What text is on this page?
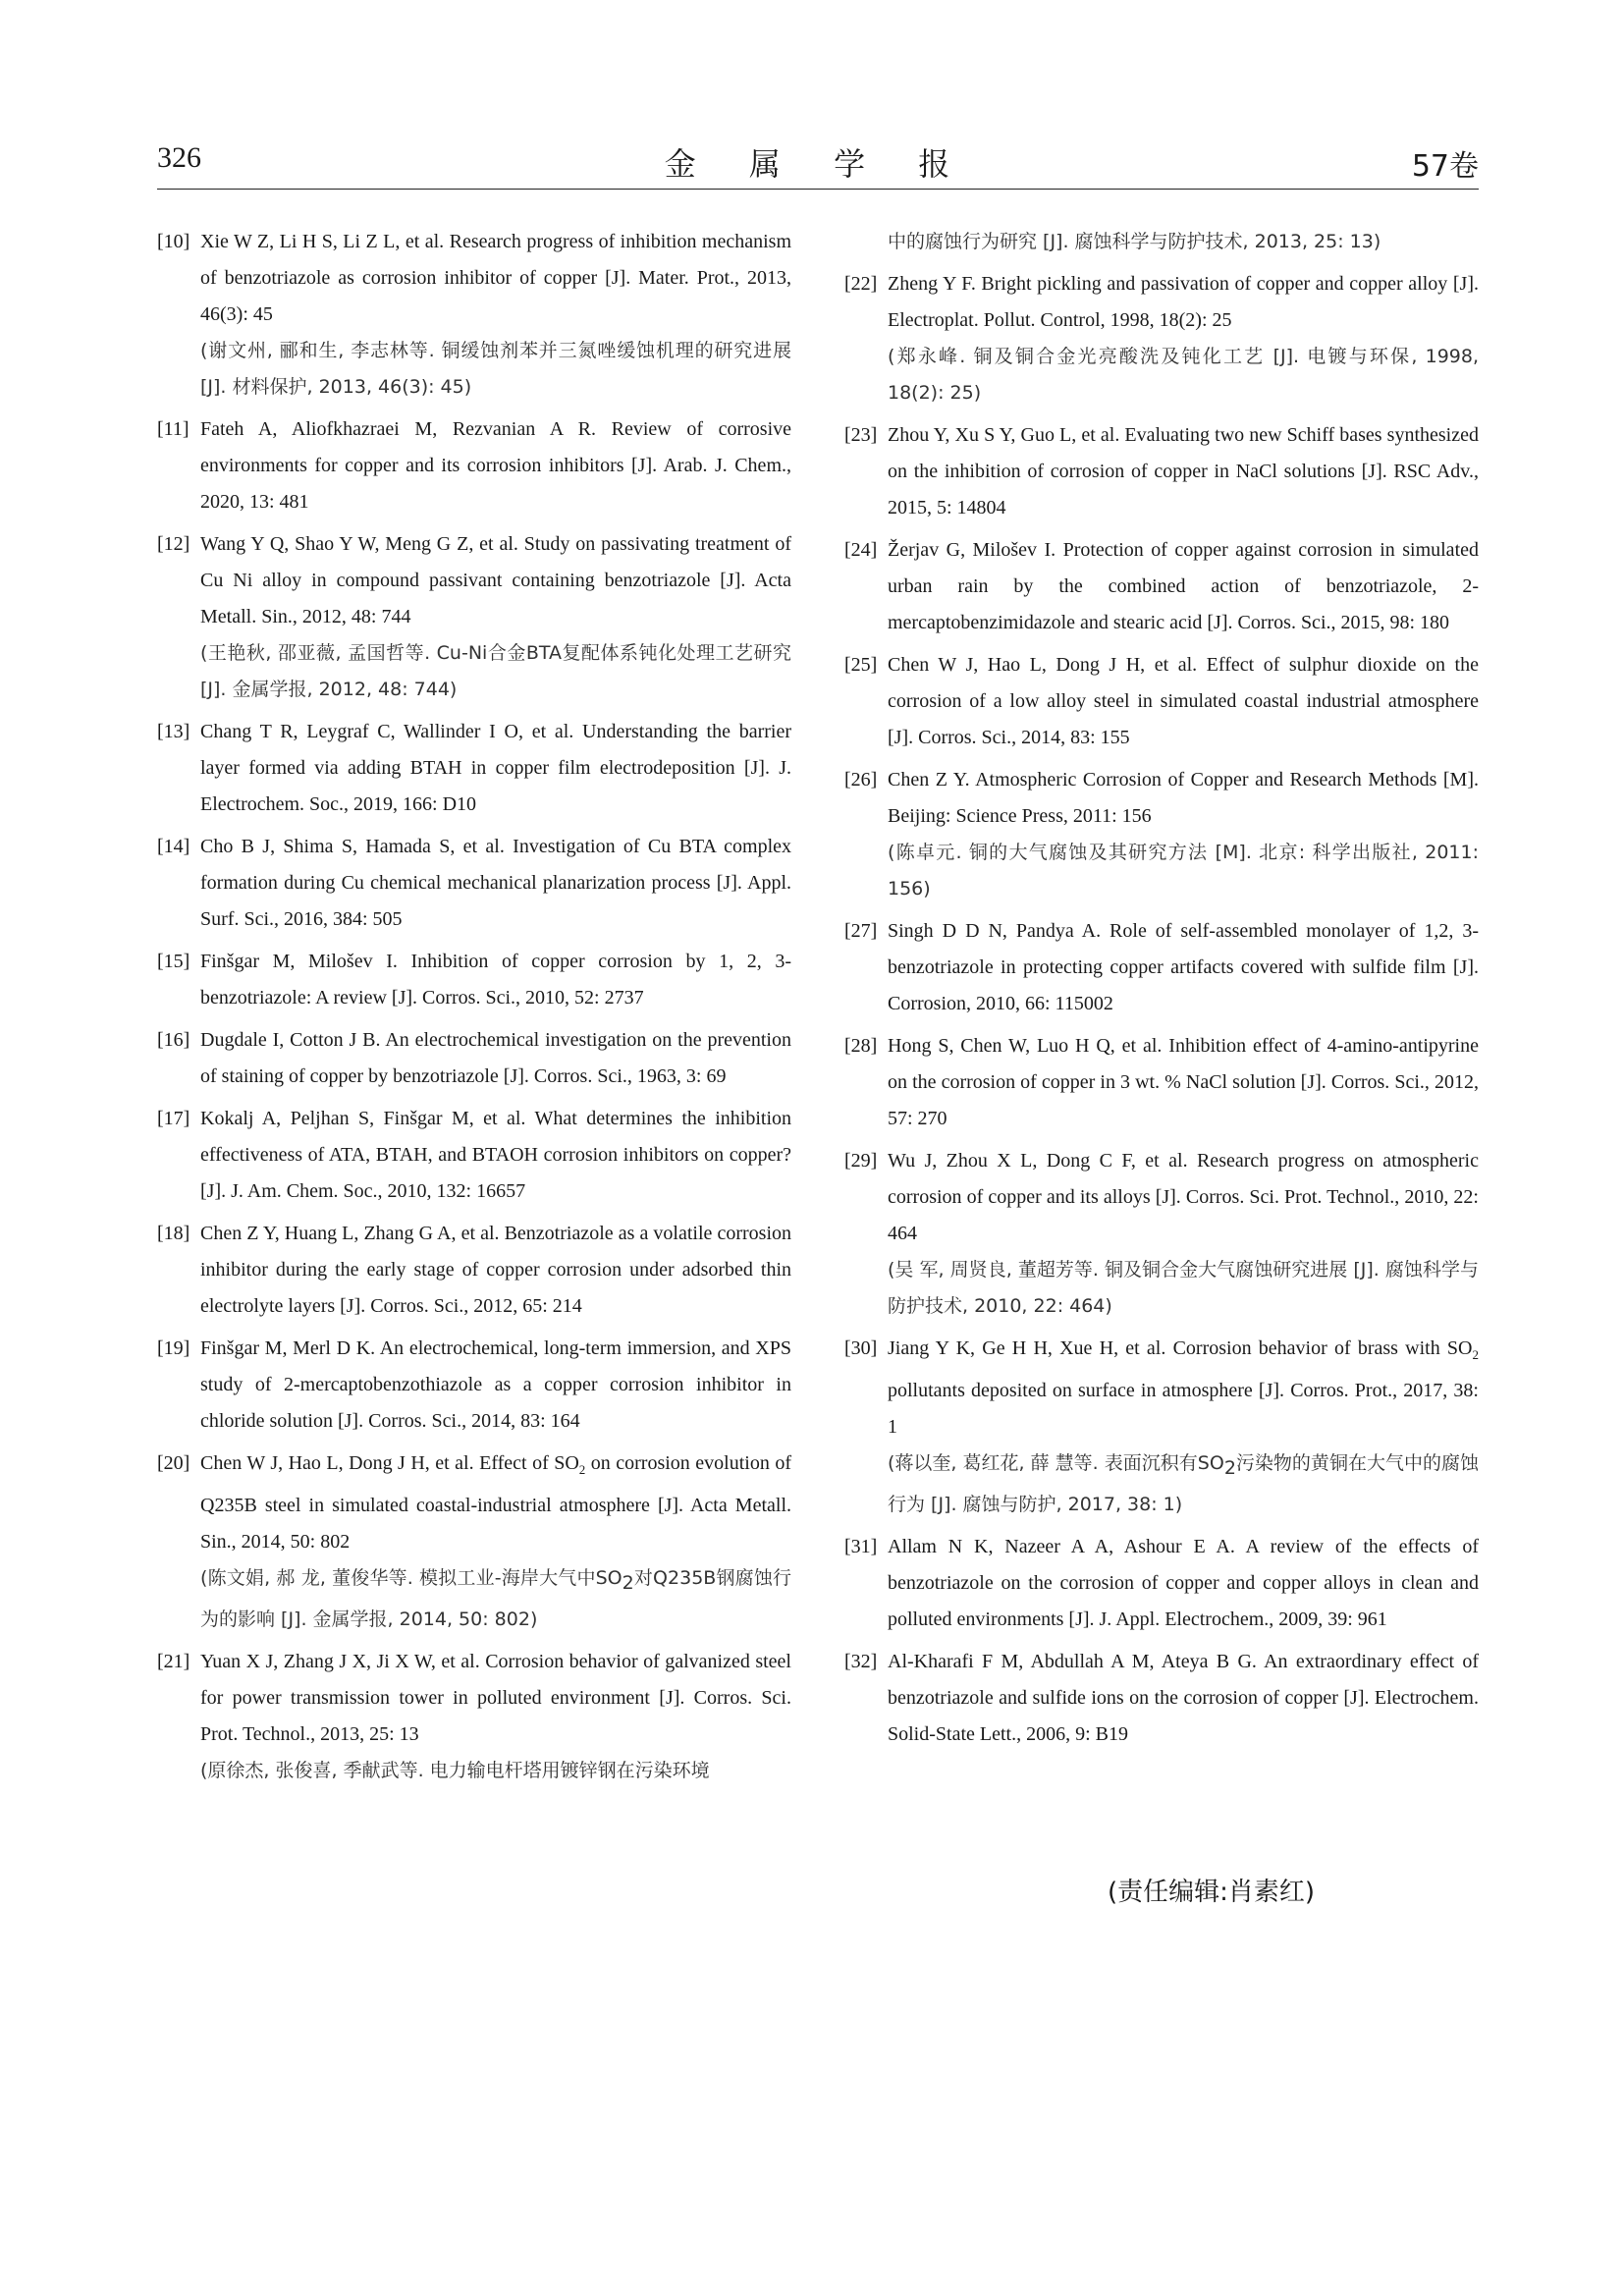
326	金 属 学 报	57卷
[10] Xie W Z, Li H S, Li Z L, et al. Research progress of inhibition mechanism of benzotriazole as corrosion inhibitor of copper [J]. Mater. Prot., 2013, 46(3): 45
(谢文州, 郦和生, 李志林等. 铜缓蚀剂苯并三氮唑缓蚀机理的研究进展 [J]. 材料保护, 2013, 46(3): 45)
[11] Fateh A, Aliofkhazraei M, Rezvanian A R. Review of corrosive environments for copper and its corrosion inhibitors [J]. Arab. J. Chem., 2020, 13: 481
[12] Wang Y Q, Shao Y W, Meng G Z, et al. Study on passivating treatment of Cu Ni alloy in compound passivant containing benzotriazole [J]. Acta Metall. Sin., 2012, 48: 744
(王艳秋, 邵亚薇, 孟国哲等. Cu-Ni合金BTA复配体系钝化处理工艺研究 [J]. 金属学报, 2012, 48: 744)
[13] Chang T R, Leygraf C, Wallinder I O, et al. Understanding the barrier layer formed via adding BTAH in copper film electrodeposition [J]. J. Electrochem. Soc., 2019, 166: D10
[14] Cho B J, Shima S, Hamada S, et al. Investigation of Cu BTA complex formation during Cu chemical mechanical planarization process [J]. Appl. Surf. Sci., 2016, 384: 505
[15] Finšgar M, Milošev I. Inhibition of copper corrosion by 1, 2, 3-benzotriazole: A review [J]. Corros. Sci., 2010, 52: 2737
[16] Dugdale I, Cotton J B. An electrochemical investigation on the prevention of staining of copper by benzotriazole [J]. Corros. Sci., 1963, 3: 69
[17] Kokalj A, Peljhan S, Finšgar M, et al. What determines the inhibition effectiveness of ATA, BTAH, and BTAOH corrosion inhibitors on copper? [J]. J. Am. Chem. Soc., 2010, 132: 16657
[18] Chen Z Y, Huang L, Zhang G A, et al. Benzotriazole as a volatile corrosion inhibitor during the early stage of copper corrosion under adsorbed thin electrolyte layers [J]. Corros. Sci., 2012, 65: 214
[19] Finšgar M, Merl D K. An electrochemical, long-term immersion, and XPS study of 2-mercaptobenzothiazole as a copper corrosion inhibitor in chloride solution [J]. Corros. Sci., 2014, 83: 164
[20] Chen W J, Hao L, Dong J H, et al. Effect of $SO_2$ on corrosion evolution of Q235B steel in simulated coastal-industrial atmosphere [J]. Acta Metall. Sin., 2014, 50: 802
(陈文娟, 郝 龙, 董俊华等. 模拟工业-海岸大气中$SO_2$对Q235B钢腐蚀行为的影响 [J]. 金属学报, 2014, 50: 802)
[21] Yuan X J, Zhang J X, Ji X W, et al. Corrosion behavior of galvanized steel for power transmission tower in polluted environment [J]. Corros. Sci. Prot. Technol., 2013, 25: 13
(原徐杰, 张俊喜, 季献武等. 电力输电杆塔用镀锌钢在污染环境
中的腐蚀行为研究 [J]. 腐蚀科学与防护技术, 2013, 25: 13)
[22] Zheng Y F. Bright pickling and passivation of copper and copper alloy [J]. Electroplat. Pollut. Control, 1998, 18(2): 25
(郑永峰. 铜及铜合金光亮酸洗及钝化工艺 [J]. 电镀与环保, 1998, 18(2): 25)
[23] Zhou Y, Xu S Y, Guo L, et al. Evaluating two new Schiff bases synthesized on the inhibition of corrosion of copper in NaCl solutions [J]. RSC Adv., 2015, 5: 14804
[24] Žerjav G, Milošev I. Protection of copper against corrosion in simulated urban rain by the combined action of benzotriazole, 2-mercaptobenzimidazole and stearic acid [J]. Corros. Sci., 2015, 98: 180
[25] Chen W J, Hao L, Dong J H, et al. Effect of sulphur dioxide on the corrosion of a low alloy steel in simulated coastal industrial atmosphere [J]. Corros. Sci., 2014, 83: 155
[26] Chen Z Y. Atmospheric Corrosion of Copper and Research Methods [M]. Beijing: Science Press, 2011: 156
(陈卓元. 铜的大气腐蚀及其研究方法 [M]. 北京: 科学出版社, 2011: 156)
[27] Singh D D N, Pandya A. Role of self-assembled monolayer of 1,2, 3-benzotriazole in protecting copper artifacts covered with sulfide film [J]. Corrosion, 2010, 66: 115002
[28] Hong S, Chen W, Luo H Q, et al. Inhibition effect of 4-amino-antipyrine on the corrosion of copper in 3 wt. % NaCl solution [J]. Corros. Sci., 2012, 57: 270
[29] Wu J, Zhou X L, Dong C F, et al. Research progress on atmospheric corrosion of copper and its alloys [J]. Corros. Sci. Prot. Technol., 2010, 22: 464
(吴 军, 周贤良, 董超芳等. 铜及铜合金大气腐蚀研究进展 [J]. 腐蚀科学与防护技术, 2010, 22: 464)
[30] Jiang Y K, Ge H H, Xue H, et al. Corrosion behavior of brass with $SO_2$ pollutants deposited on surface in atmosphere [J]. Corros. Prot., 2017, 38: 1
(蒋以奎, 葛红花, 薛 慧等. 表面沉积有$SO_2$污染物的黄铜在大气中的腐蚀行为 [J]. 腐蚀与防护, 2017, 38: 1)
[31] Allam N K, Nazeer A A, Ashour E A. A review of the effects of benzotriazole on the corrosion of copper and copper alloys in clean and polluted environments [J]. J. Appl. Electrochem., 2009, 39: 961
[32] Al-Kharafi F M, Abdullah A M, Ateya B G. An extraordinary effect of benzotriazole and sulfide ions on the corrosion of copper [J]. Electrochem. Solid-State Lett., 2006, 9: B19
(责任编辑:肖素红)
